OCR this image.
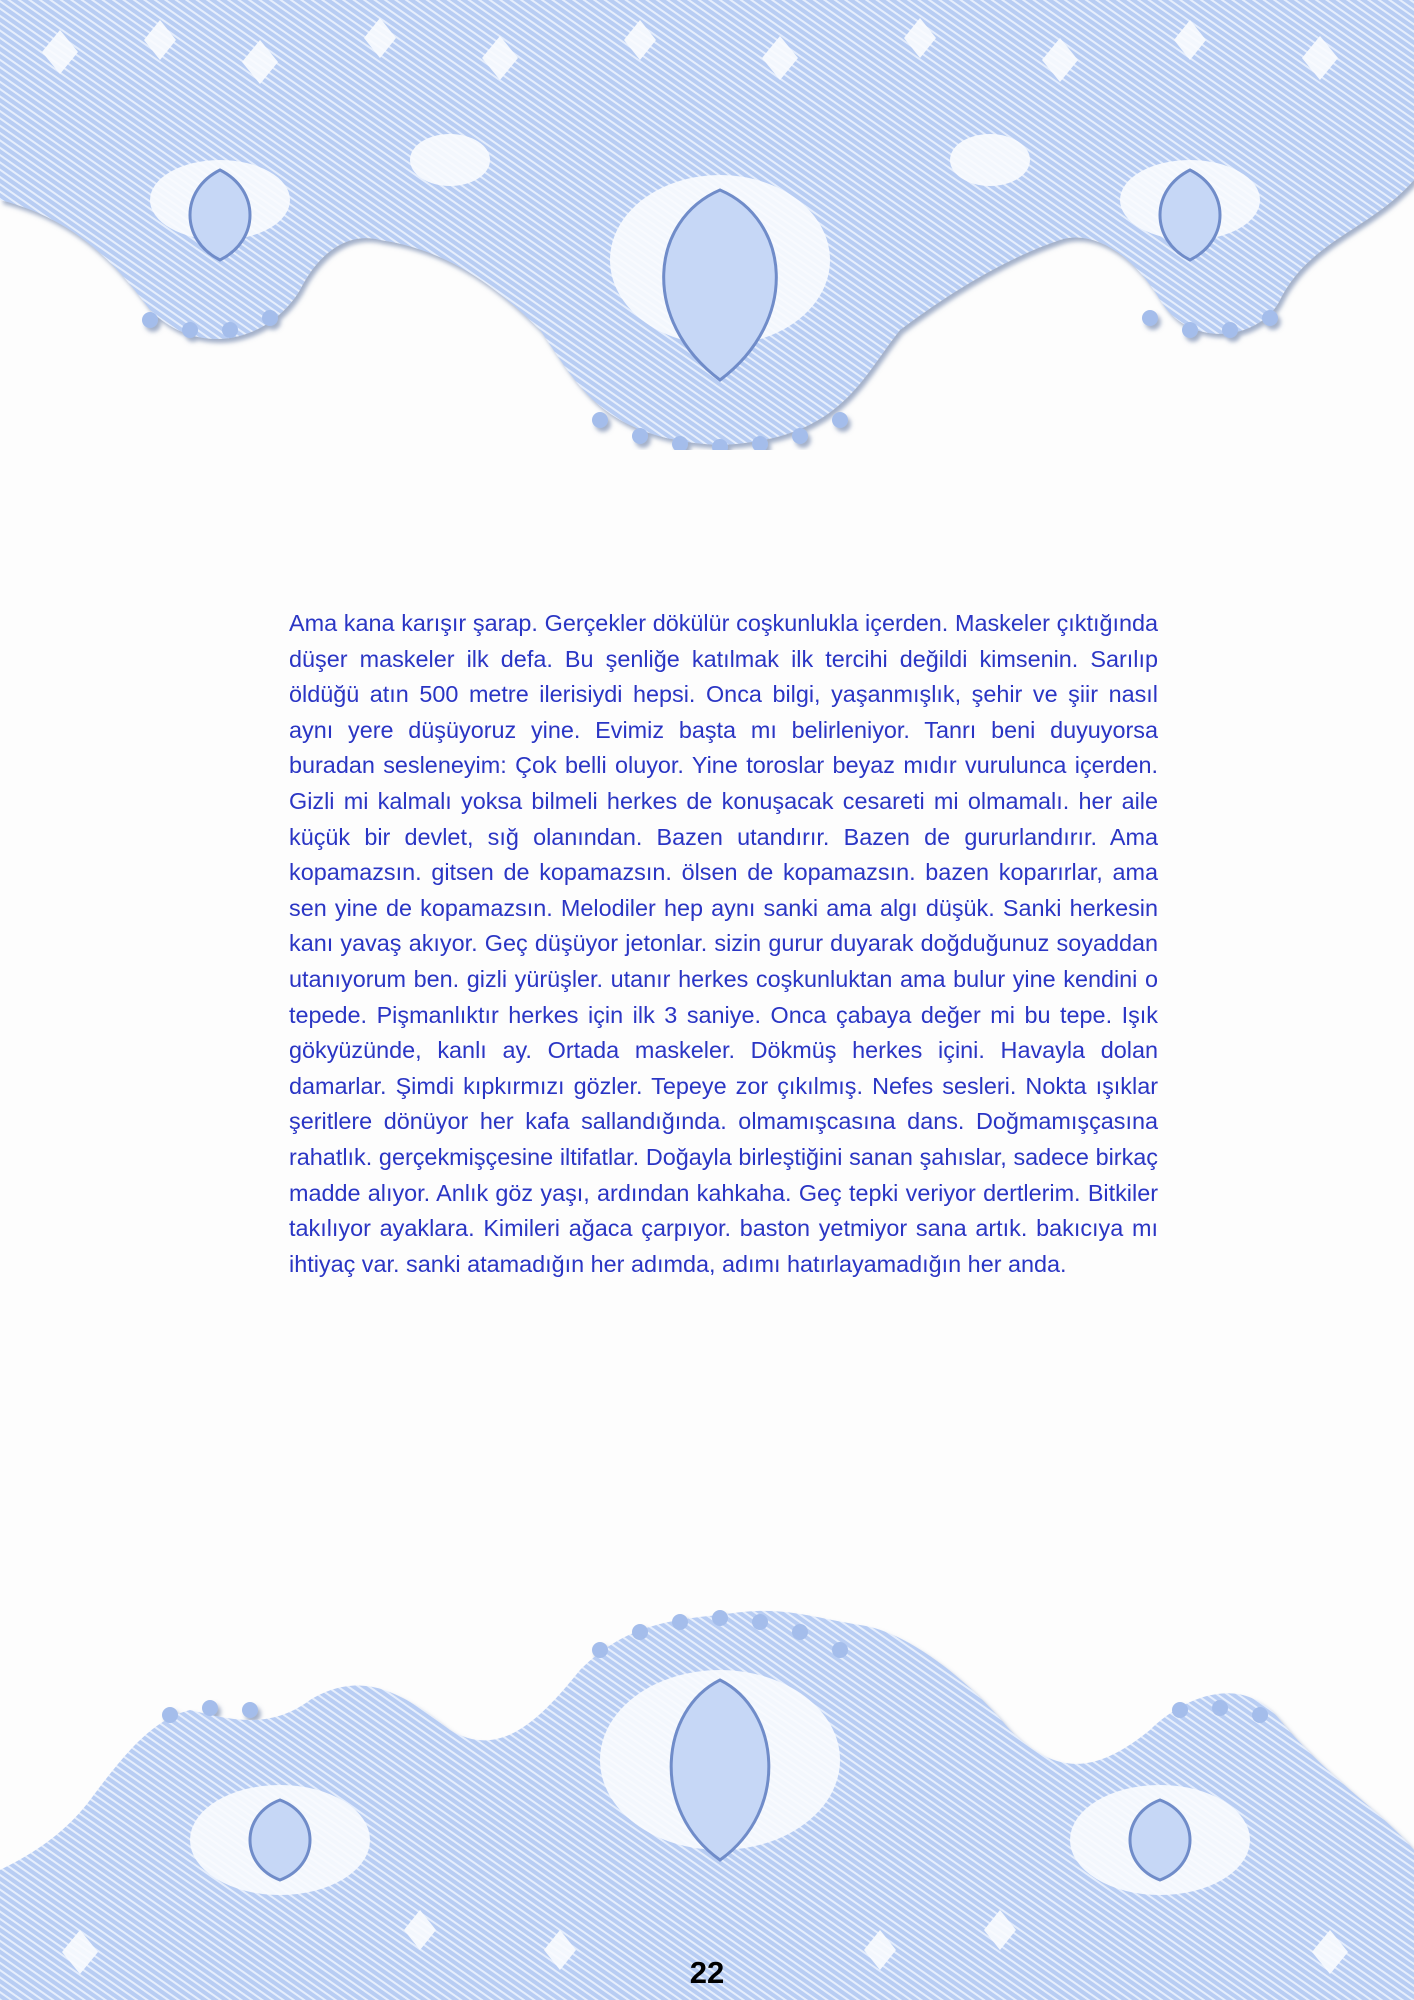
Ama kana karışır şarap. Gerçekler dökülür coşkunlukla içerden. Maskeler çıktığında düşer maskeler ilk defa. Bu şenliğe katılmak ilk tercihi değildi kimsenin. Sarılıp öldüğü atın 500 metre ilerisiydi hepsi. Onca bilgi, yaşanmışlık, şehir ve şiir nasıl aynı yere düşüyoruz yine. Evimiz başta mı belirleniyor. Tanrı beni duyuyorsa buradan sesleneyim: Çok belli oluyor. Yine toroslar beyaz mıdır vurulunca içerden. Gizli mi kalmalı yoksa bilmeli herkes de konuşacak cesareti mi olmamalı. her aile küçük bir devlet, sığ olanından. Bazen utandırır. Bazen de gururlandırır. Ama kopamazsın. gitsen de kopamazsın. ölsen de kopamazsın. bazen koparırlar, ama sen yine de kopamazsın. Melodiler hep aynı sanki ama algı düşük. Sanki herkesin kanı yavaş akıyor. Geç düşüyor jetonlar. sizin gurur duyarak doğduğunuz soyaddan utanıyorum ben. gizli yürüşler. utanır herkes coşkunluktan ama bulur yine kendini o tepede. Pişmanlıktır herkes için ilk 3 saniye. Onca çabaya değer mi bu tepe. Işık gökyüzünde, kanlı ay. Ortada maskeler. Dökmüş herkes içini. Havayla dolan damarlar. Şimdi kıpkırmızı gözler. Tepeye zor çıkılmış. Nefes sesleri. Nokta ışıklar şeritlere dönüyor her kafa sallandığında. olmamışcasına dans. Doğmamışçasına rahatlık. gerçekmişçesine iltifatlar. Doğayla birleştiğini sanan şahıslar, sadece birkaç madde alıyor. Anlık göz yaşı, ardından kahkaha. Geç tepki veriyor dertlerim. Bitkiler takılıyor ayaklara. Kimileri ağaca çarpıyor. baston yetmiyor sana artık. bakıcıya mı ihtiyaç var. sanki atamadığın her adımda, adımı hatırlayamadığın her anda.

22
